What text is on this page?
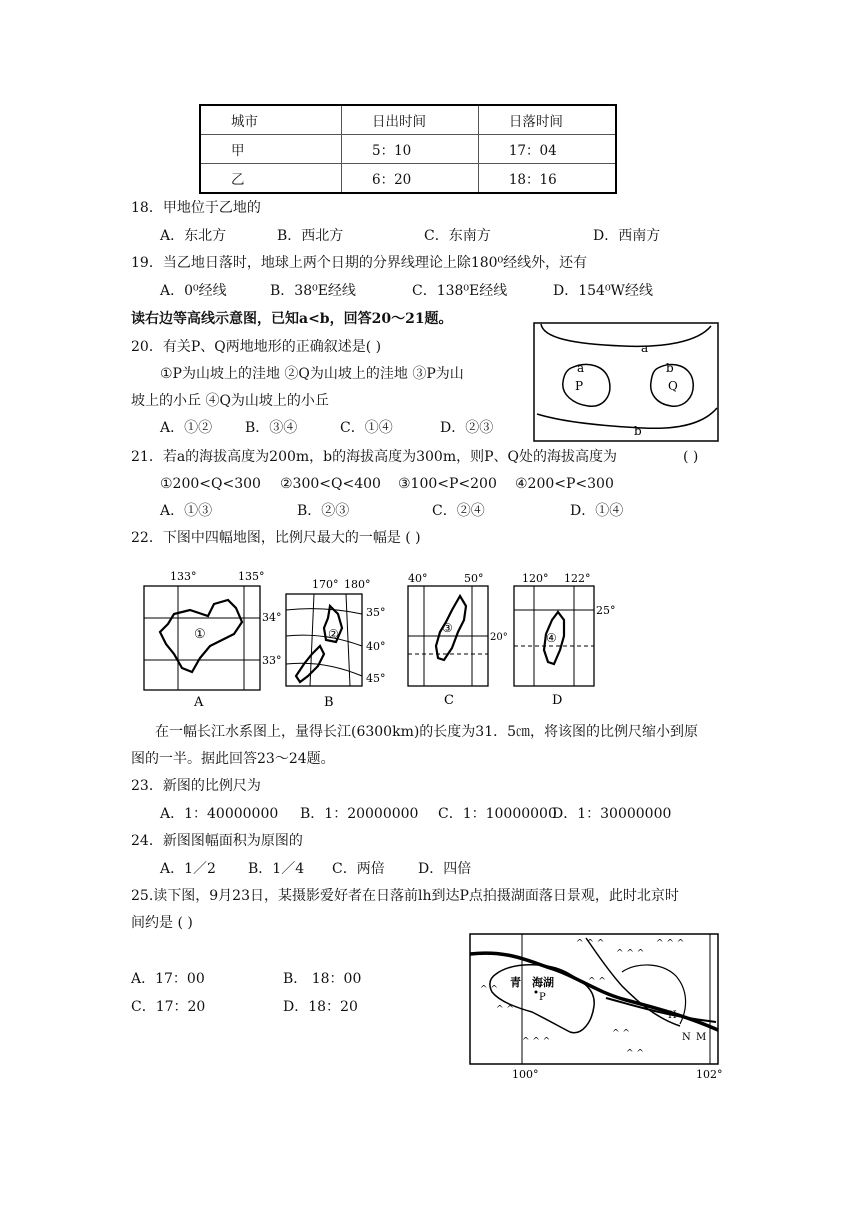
城市	日出时间	日落时间
甲	5：10	17：04
乙	6：20	18：16
18．甲地位于乙地的
A．东北方	B．西北方	C．东南方	D．西南方
19．当乙地日落时，地球上两个日期的分界线理论上除180⁰经线外，还有
A．0⁰经线	B．38⁰E经线	C．138⁰E经线	D．154⁰W经线
读右边等高线示意图，已知a<b，回答20～21题。
20．有关P、Q两地地形的正确叙述是( )
①P为山坡上的洼地 ②Q为山坡上的洼地 ③P为山
坡上的小丘 ④Q为山坡上的小丘
A．①② B．③④	C．①④	D．②③
a
a	b
b
P	Q
21．若a的海拔高度为200m，b的海拔高度为300m，则P、Q处的海拔高度为	( )
①200<Q<300 ②300<Q<400 ③100<P<200 ④200<P<300
A．①③	B．②③	C．②④	D．①④
22．下图中四幅地图，比例尺最大的一幅是 ( )
133°	135°
①
34°
33°
A
170° 180°
②
35°
40°
45°
B
40°	50°
③
20°
C
120° 122°
④
25°
D
在一幅长江水系图上，量得长江(6300km)的长度为31．5㎝，将该图的比例尺缩小到原
图的一半。据此回答23～24题。
23．新图的比例尺为
A．1：40000000 B．1：20000000 C．1：10000000
D．1：30000000
24．新图图幅面积为原图的
A．1／2 B．1／4 C．两倍 D．四倍
25.读下图，9月23日，某摄影爱好者在日落前lh到达P点拍摄湖面落日景观，此时北京时
间约是 ( )
A．17：00	B． 18：00
C．17：20	D．18：20
^ ^ ^
^ ^ ^
^ ^ ^
^ ^
^ ^
^ ^
^ ^ ^
^ ^
^ ^
青 海湖
P
H
N M
100°	102°
